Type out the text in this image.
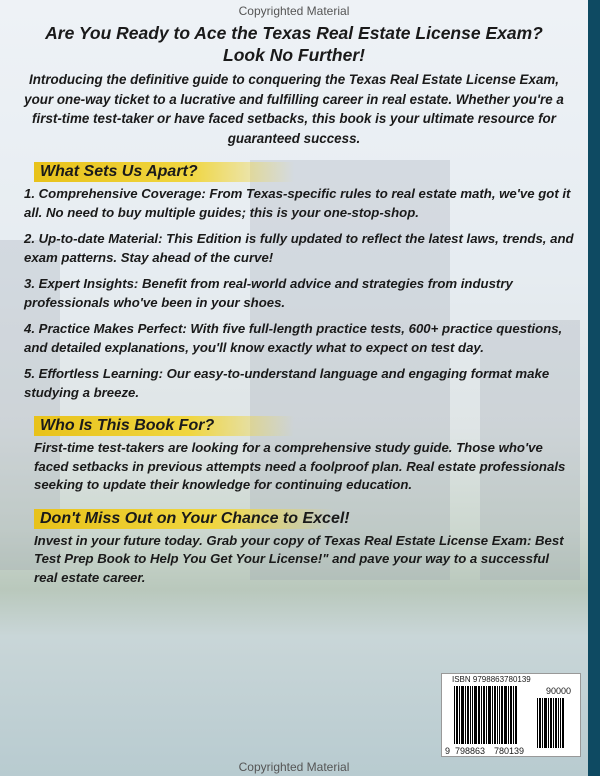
Copyrighted Material
Are You Ready to Ace the Texas Real Estate License Exam?
Look No Further!
Introducing the definitive guide to conquering the Texas Real Estate License Exam, your one-way ticket to a lucrative and fulfilling career in real estate. Whether you're a first-time test-taker or have faced setbacks, this book is your ultimate resource for guaranteed success.
What Sets Us Apart?
1. Comprehensive Coverage: From Texas-specific rules to real estate math, we've got it all. No need to buy multiple guides; this is your one-stop-shop.
2. Up-to-date Material: This Edition is fully updated to reflect the latest laws, trends, and exam patterns. Stay ahead of the curve!
3. Expert Insights: Benefit from real-world advice and strategies from industry professionals who've been in your shoes.
4. Practice Makes Perfect: With five full-length practice tests, 600+ practice questions, and detailed explanations, you'll know exactly what to expect on test day.
5. Effortless Learning: Our easy-to-understand language and engaging format make studying a breeze.
Who Is This Book For?
First-time test-takers are looking for a comprehensive study guide. Those who've faced setbacks in previous attempts need a foolproof plan. Real estate professionals seeking to update their knowledge for continuing education.
Don't Miss Out on Your Chance to Excel!
Invest in your future today. Grab your copy of Texas Real Estate License Exam: Best Test Prep Book to Help You Get Your License!" and pave your way to a successful real estate career.
ISBN 9798863780139
90000
9 798863 780139
Copyrighted Material
